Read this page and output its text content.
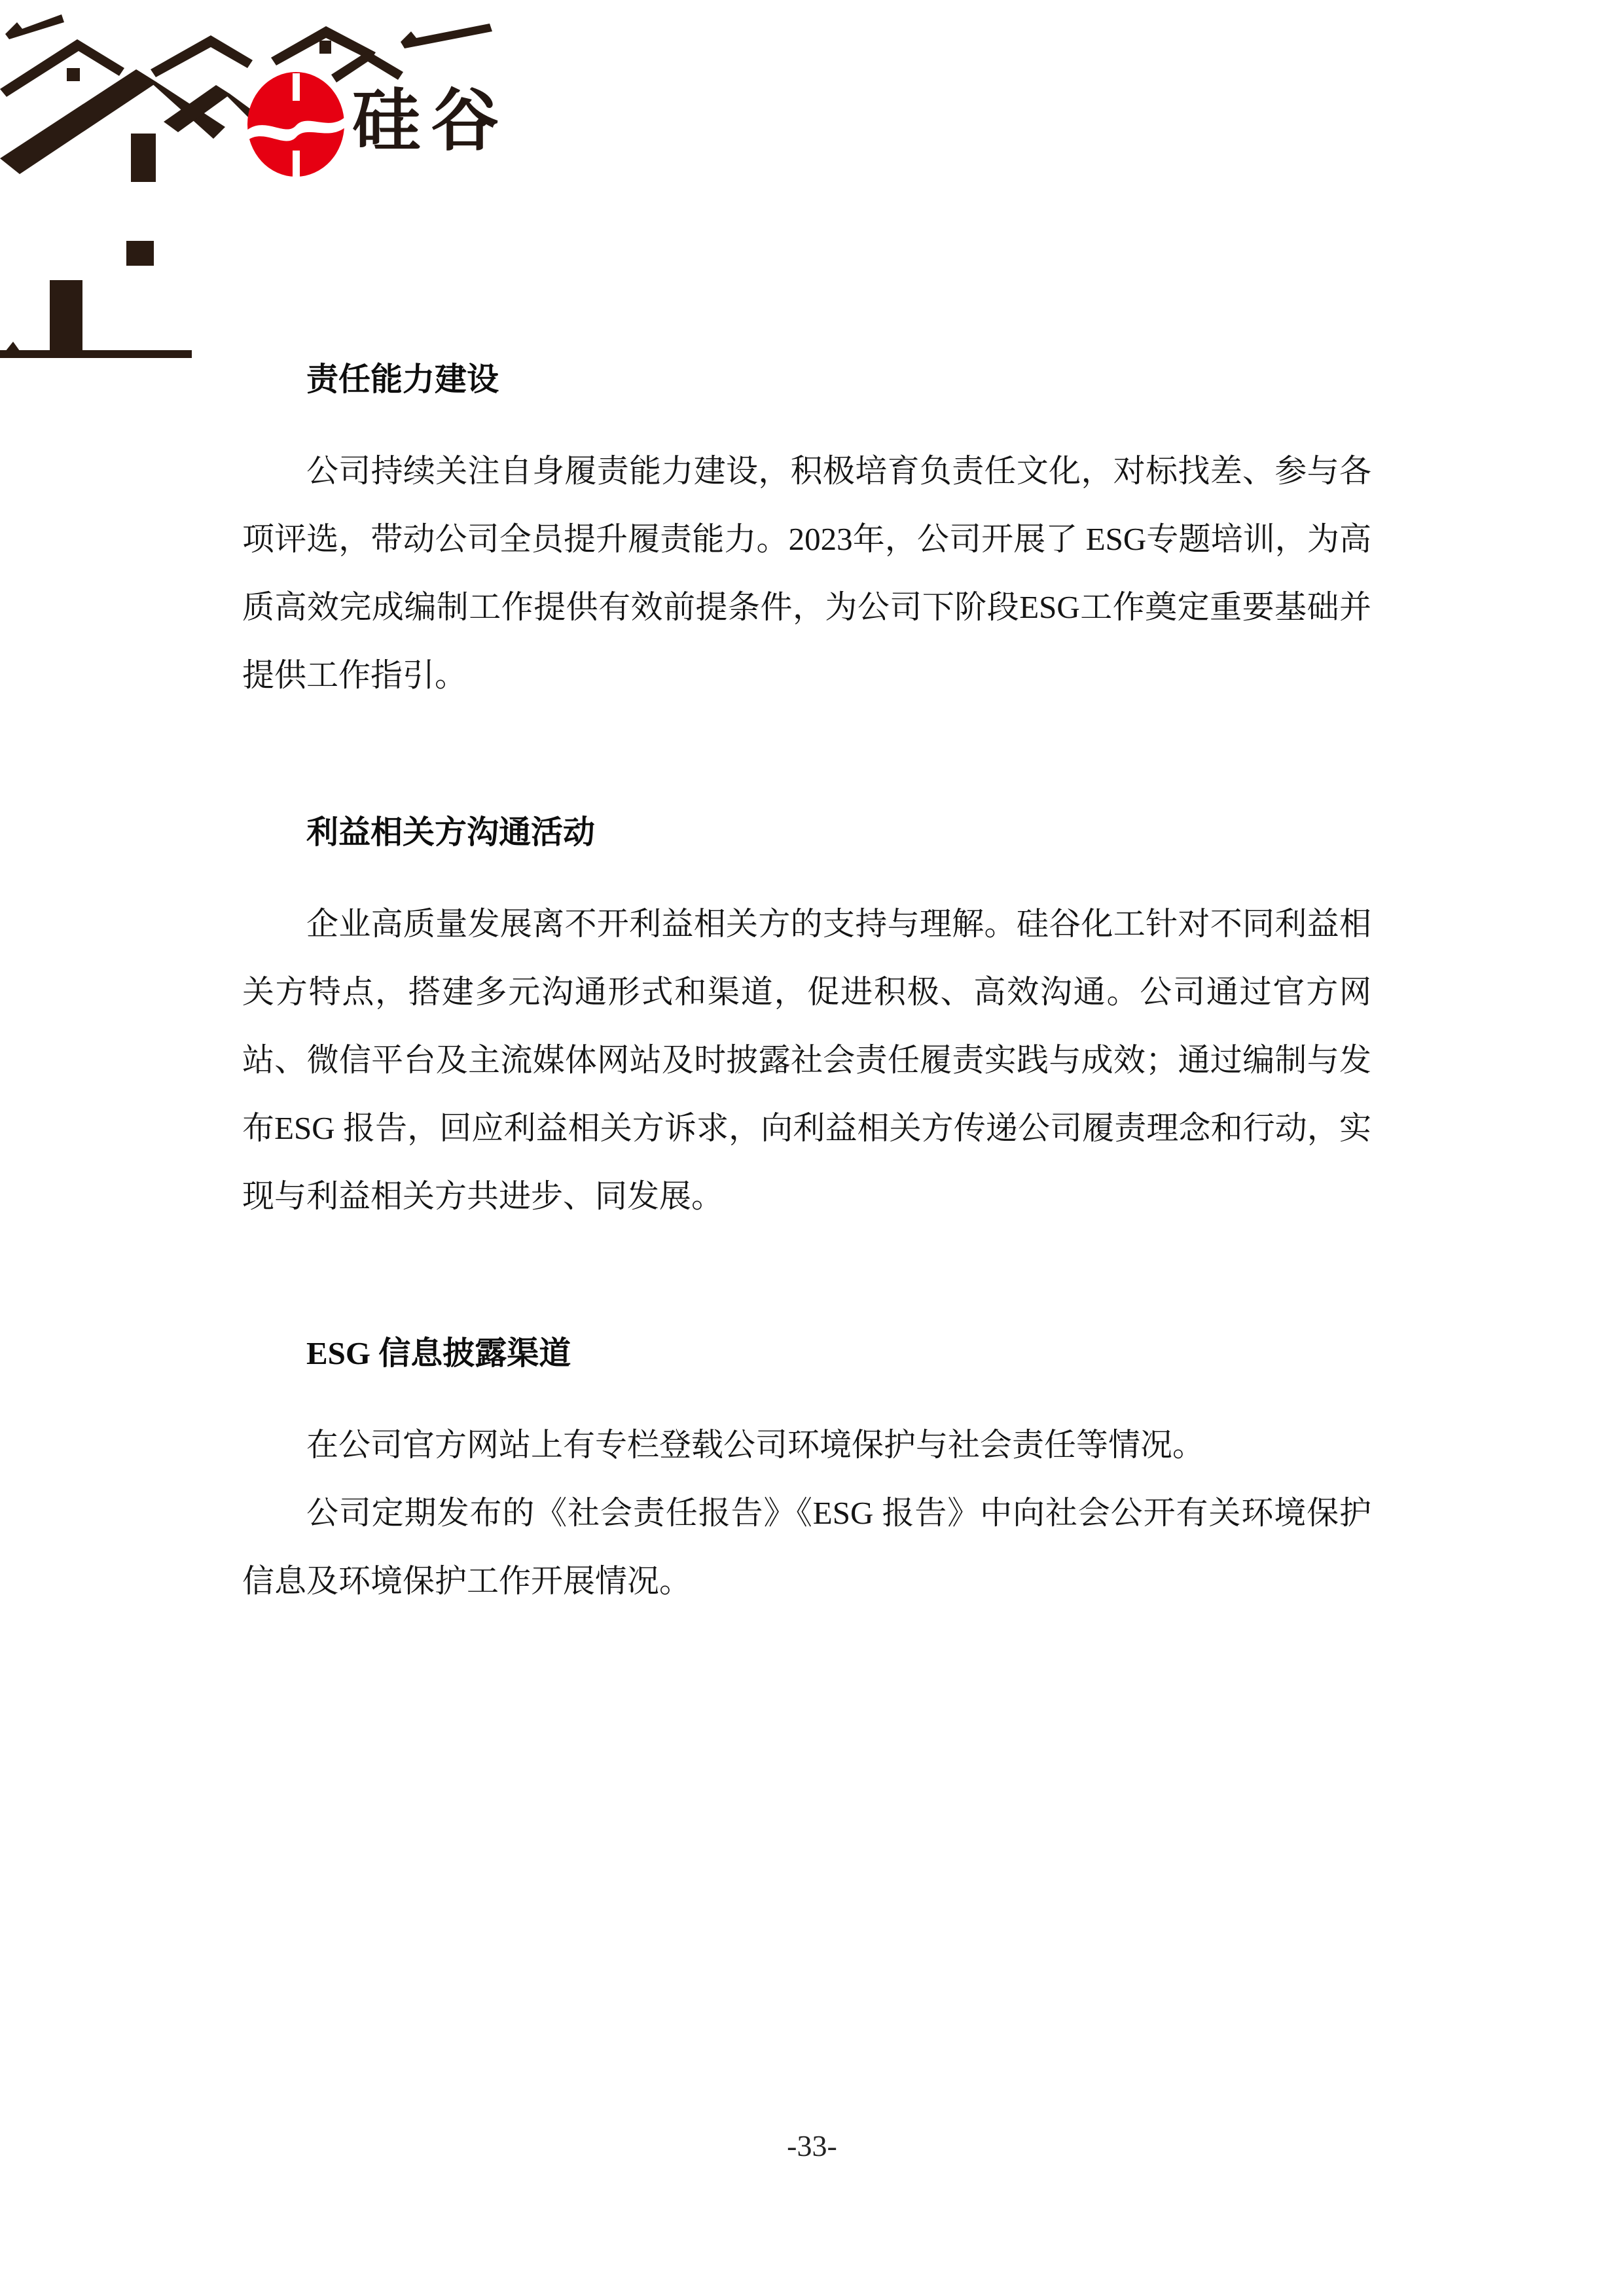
硅谷
责任能力建设
公司持续关注自身履责能力建设，积极培育负责任文化，对标找差、参与各项评选，带动公司全员提升履责能力。2023年，公司开展了 ESG专题培训，为高质高效完成编制工作提供有效前提条件，为公司下阶段ESG工作奠定重要基础并提供工作指引。
利益相关方沟通活动
企业高质量发展离不开利益相关方的支持与理解。硅谷化工针对不同利益相关方特点，搭建多元沟通形式和渠道，促进积极、高效沟通。公司通过官方网站、微信平台及主流媒体网站及时披露社会责任履责实践与成效；通过编制与发布ESG 报告，回应利益相关方诉求，向利益相关方传递公司履责理念和行动，实现与利益相关方共进步、同发展。
ESG 信息披露渠道
在公司官方网站上有专栏登载公司环境保护与社会责任等情况。
公司定期发布的《社会责任报告》《ESG 报告》中向社会公开有关环境保护信息及环境保护工作开展情况。
-33-
